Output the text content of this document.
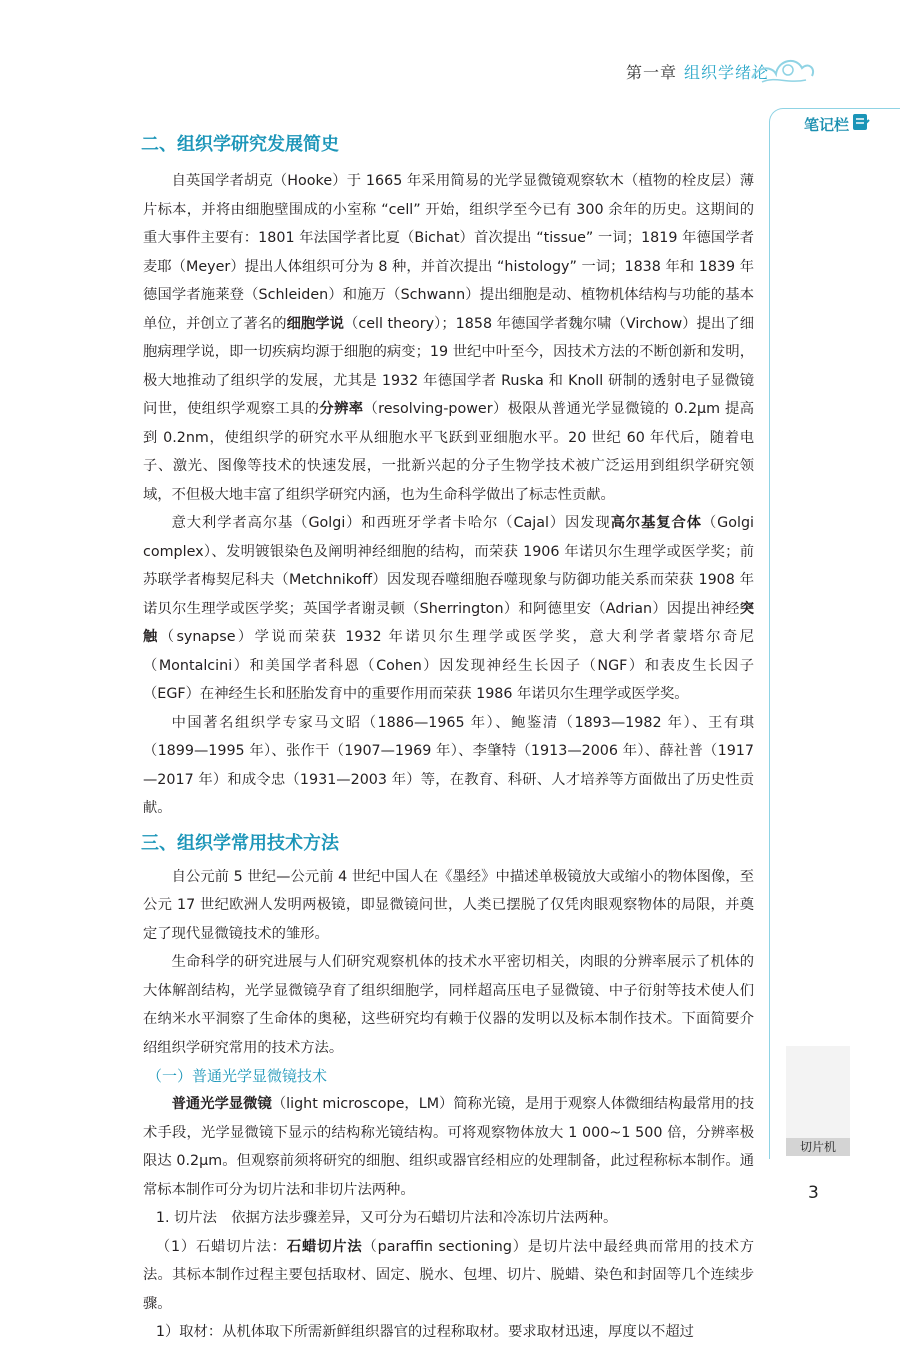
第一章 组织学绪论
笔记栏
切片机
二、组织学研究发展简史

自英国学者胡克（Hooke）于 1665 年采用简易的光学显微镜观察软木（植物的栓皮层）薄片标本，并将由细胞壁围成的小室称 “cell” 开始，组织学至今已有 300 余年的历史。这期间的重大事件主要有：1801 年法国学者比夏（Bichat）首次提出 “tissue” 一词；1819 年德国学者麦耶（Meyer）提出人体组织可分为 8 种，并首次提出 “histology” 一词；1838 年和 1839 年德国学者施莱登（Schleiden）和施万（Schwann）提出细胞是动、植物机体结构与功能的基本单位，并创立了著名的细胞学说（cell theory）；1858 年德国学者魏尔啸（Virchow）提出了细胞病理学说，即一切疾病均源于细胞的病变；19 世纪中叶至今，因技术方法的不断创新和发明，极大地推动了组织学的发展，尤其是 1932 年德国学者 Ruska 和 Knoll 研制的透射电子显微镜问世，使组织学观察工具的分辨率（resolving-power）极限从普通光学显微镜的 0.2μm 提高到 0.2nm，使组织学的研究水平从细胞水平飞跃到亚细胞水平。20 世纪 60 年代后，随着电子、激光、图像等技术的快速发展，一批新兴起的分子生物学技术被广泛运用到组织学研究领域，不但极大地丰富了组织学研究内涵，也为生命科学做出了标志性贡献。

意大利学者高尔基（Golgi）和西班牙学者卡哈尔（Cajal）因发现高尔基复合体（Golgi complex）、发明镀银染色及阐明神经细胞的结构，而荣获 1906 年诺贝尔生理学或医学奖；前苏联学者梅契尼科夫（Metchnikoff）因发现吞噬细胞吞噬现象与防御功能关系而荣获 1908 年诺贝尔生理学或医学奖；英国学者谢灵顿（Sherrington）和阿德里安（Adrian）因提出神经突触（synapse）学说而荣获 1932 年诺贝尔生理学或医学奖，意大利学者蒙塔尔奇尼（Montalcini）和美国学者科恩（Cohen）因发现神经生长因子（NGF）和表皮生长因子（EGF）在神经生长和胚胎发育中的重要作用而荣获 1986 年诺贝尔生理学或医学奖。

中国著名组织学专家马文昭（1886—1965 年）、鲍鉴清（1893—1982 年）、王有琪（1899—1995 年）、张作干（1907—1969 年）、李肇特（1913—2006 年）、薛社普（1917—2017 年）和成令忠（1931—2003 年）等，在教育、科研、人才培养等方面做出了历史性贡献。

三、组织学常用技术方法

自公元前 5 世纪—公元前 4 世纪中国人在《墨经》中描述单极镜放大或缩小的物体图像，至公元 17 世纪欧洲人发明两极镜，即显微镜问世，人类已摆脱了仅凭肉眼观察物体的局限，并奠定了现代显微镜技术的雏形。

生命科学的研究进展与人们研究观察机体的技术水平密切相关，肉眼的分辨率展示了机体的大体解剖结构，光学显微镜孕育了组织细胞学，同样超高压电子显微镜、中子衍射等技术使人们在纳米水平洞察了生命体的奥秘，这些研究均有赖于仪器的发明以及标本制作技术。下面简要介绍组织学研究常用的技术方法。

（一）普通光学显微镜技术

普通光学显微镜（light microscope，LM）简称光镜，是用于观察人体微细结构最常用的技术手段，光学显微镜下显示的结构称光镜结构。可将观察物体放大 1 000~1 500 倍，分辨率极限达 0.2μm。但观察前须将研究的细胞、组织或器官经相应的处理制备，此过程称标本制作。通常标本制作可分为切片法和非切片法两种。

1. 切片法　依据方法步骤差异，又可分为石蜡切片法和冷冻切片法两种。

（1）石蜡切片法：石蜡切片法（paraffin sectioning）是切片法中最经典而常用的技术方法。其标本制作过程主要包括取材、固定、脱水、包埋、切片、脱蜡、染色和封固等几个连续步骤。

1）取材：从机体取下所需新鲜组织器官的过程称取材。要求取材迅速，厚度以不超过

3
